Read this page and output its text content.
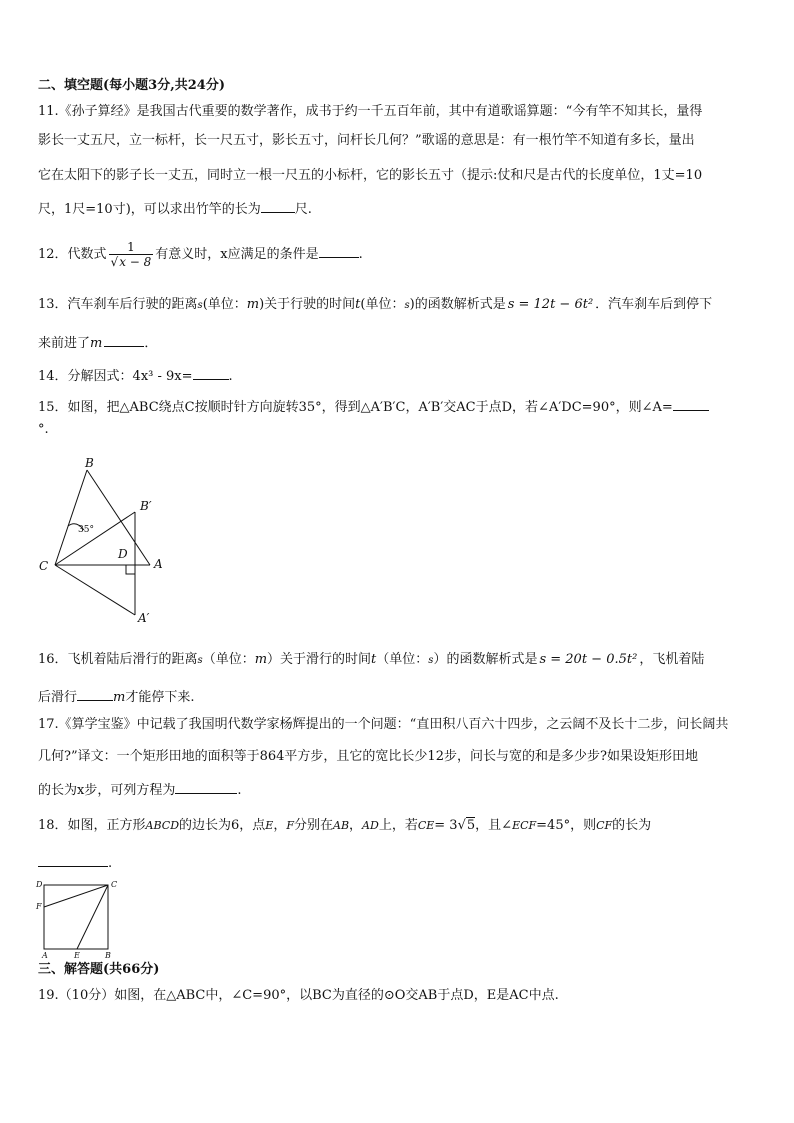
二、填空题(每小题3分,共24分)
11.《孙子算经》是我国古代重要的数学著作，成书于约一千五百年前，其中有道歌谣算题：“今有竿不知其长，量得
影长一丈五尺，立一标杆，长一尺五寸，影长五寸，问杆长几何？”歌谣的意思是：有一根竹竿不知道有多长，量出
它在太阳下的影子长一丈五，同时立一根一尺五的小标杆，它的影长五寸（提示:仗和尺是古代的长度单位，1丈=10
尺，1尺=10寸)，可以求出竹竿的长为	尺.
12．代数式 $\frac{1}{√x - 8}$ 有意义时，x应满足的条件是	.
13．汽车刹车后行驶的距离s(单位：m)关于行驶的时间t(单位：s)的函数解析式是 s = 12t − 6t² ．汽车刹车后到停下
来前进了m	．
14．分解因式：4x³ - 9x=	.
15．如图，把△ABC绕点C按顺时针方向旋转35°，得到△A′B′C，A′B′交AC于点D，若∠A′DC=90°，则∠A=
°.
B
B′
C
D
A
A′
35°
16．飞机着陆后滑行的距离s（单位：m）关于滑行的时间t（单位：s）的函数解析式是 s = 20t − 0.5t² ，飞机着陆
后滑行	m才能停下来.
17.《算学宝鉴》中记载了我国明代数学家杨辉提出的一个问题：“直田积八百六十四步，之云阔不及长十二步，问长阔共
几何?”译文：一个矩形田地的面积等于864平方步，且它的宽比长少12步，问长与宽的和是多少步?如果设矩形田地
的长为x步，可列方程为	.
18．如图，正方形ABCD的边长为6，点E，F分别在AB，AD上，若CE= 3√5，且∠ECF=45°，则CF的长为
.
D	C
F
A	E	B
三、解答题(共66分)
19.（10分）如图，在△ABC中，∠C=90°，以BC为直径的⊙O交AB于点D，E是AC中点.
